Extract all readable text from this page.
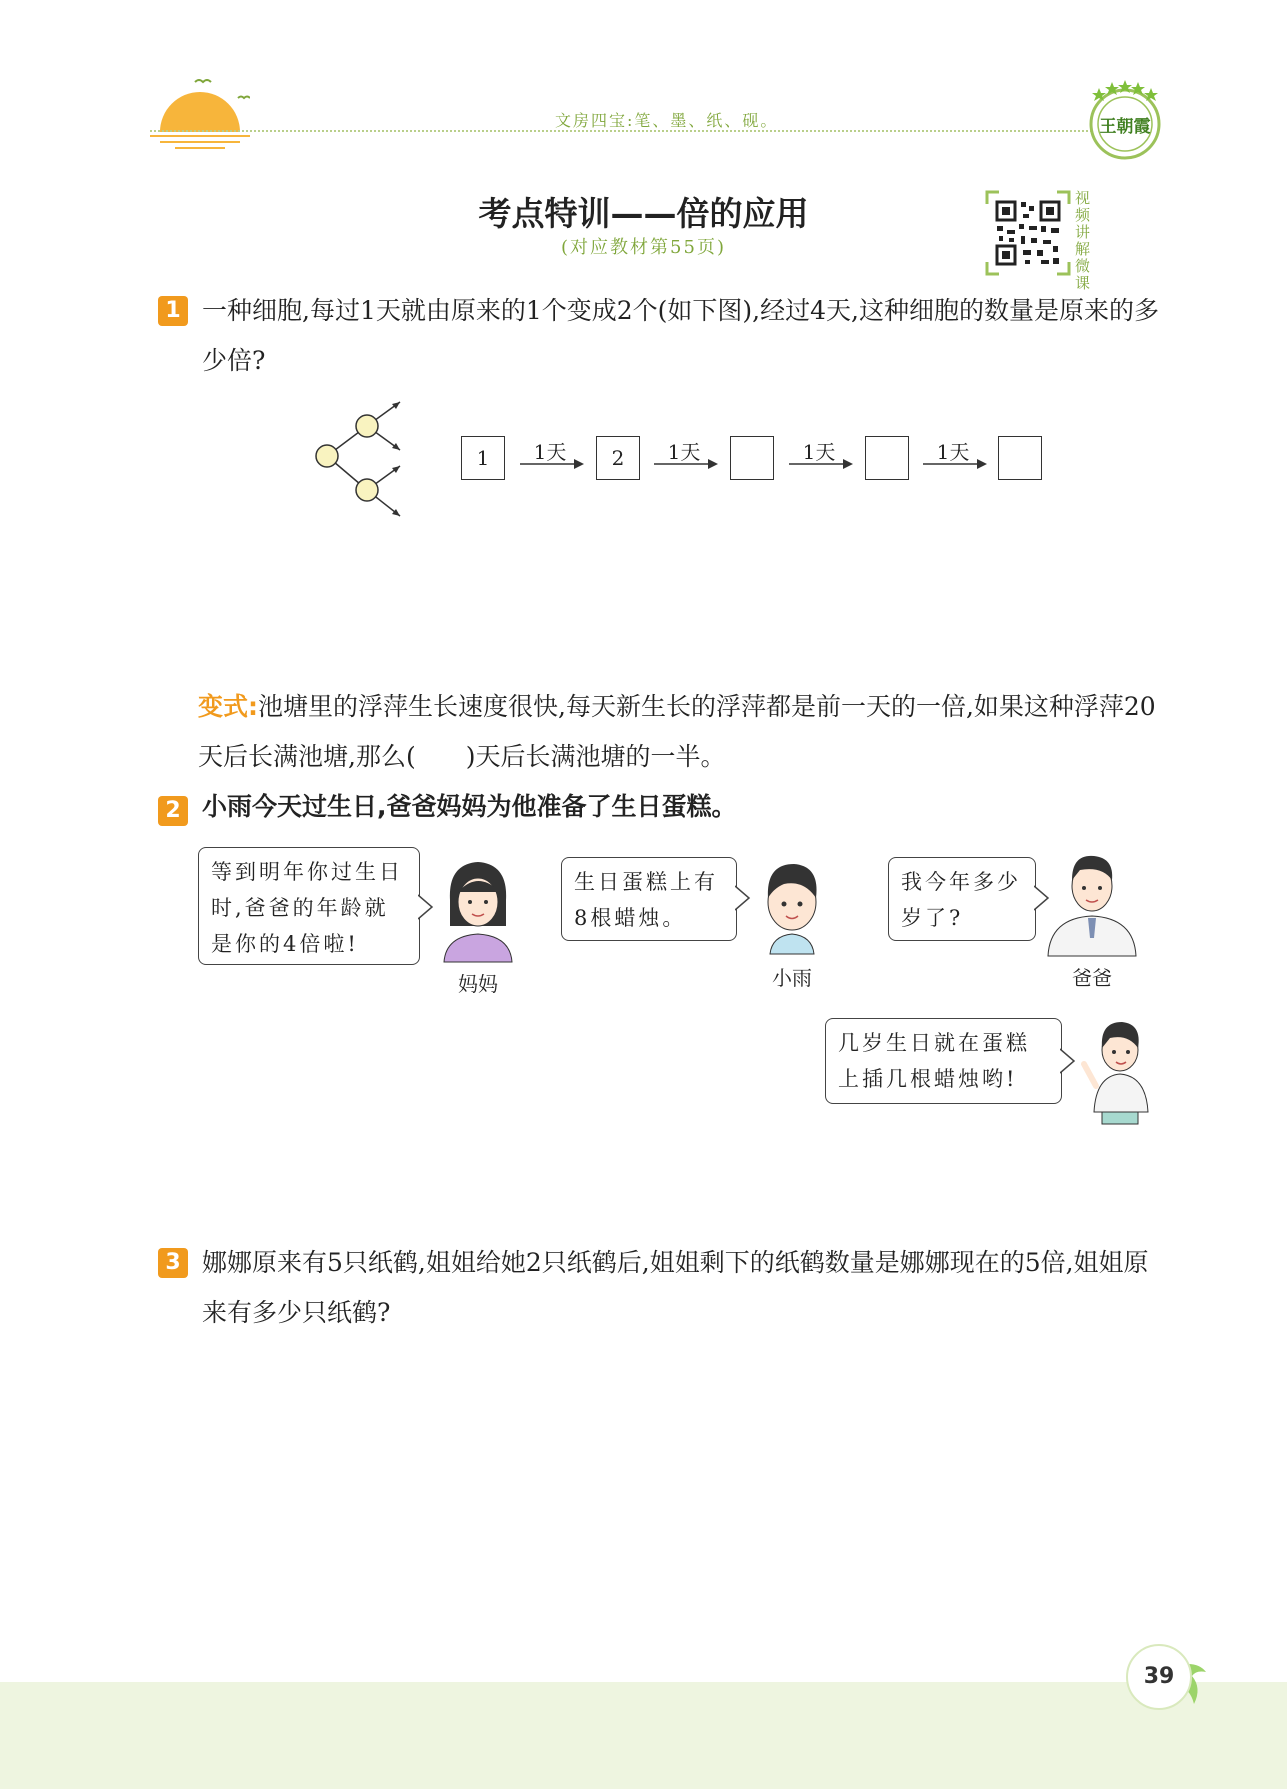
文房四宝:笔、墨、纸、砚。	王朝霞
考点特训——倍的应用
(对应教材第55页)
视频讲解微课
1 一种细胞,每过1天就由原来的1个变成2个(如下图),经过4天,这种细胞的数量是原来的多少倍?
1	2
1天	1天	1天	1天
变式:池塘里的浮萍生长速度很快,每天新生长的浮萍都是前一天的一倍,如果这种浮萍20天后长满池塘,那么(　　)天后长满池塘的一半。
2 小雨今天过生日,爸爸妈妈为他准备了生日蛋糕。
等到明年你过生日时,爸爸的年龄就是你的4倍啦!
妈妈
生日蛋糕上有8根蜡烛。
小雨
我今年多少岁了?
爸爸
几岁生日就在蛋糕上插几根蜡烛哟!
3 娜娜原来有5只纸鹤,姐姐给她2只纸鹤后,姐姐剩下的纸鹤数量是娜娜现在的5倍,姐姐原来有多少只纸鹤?
39
